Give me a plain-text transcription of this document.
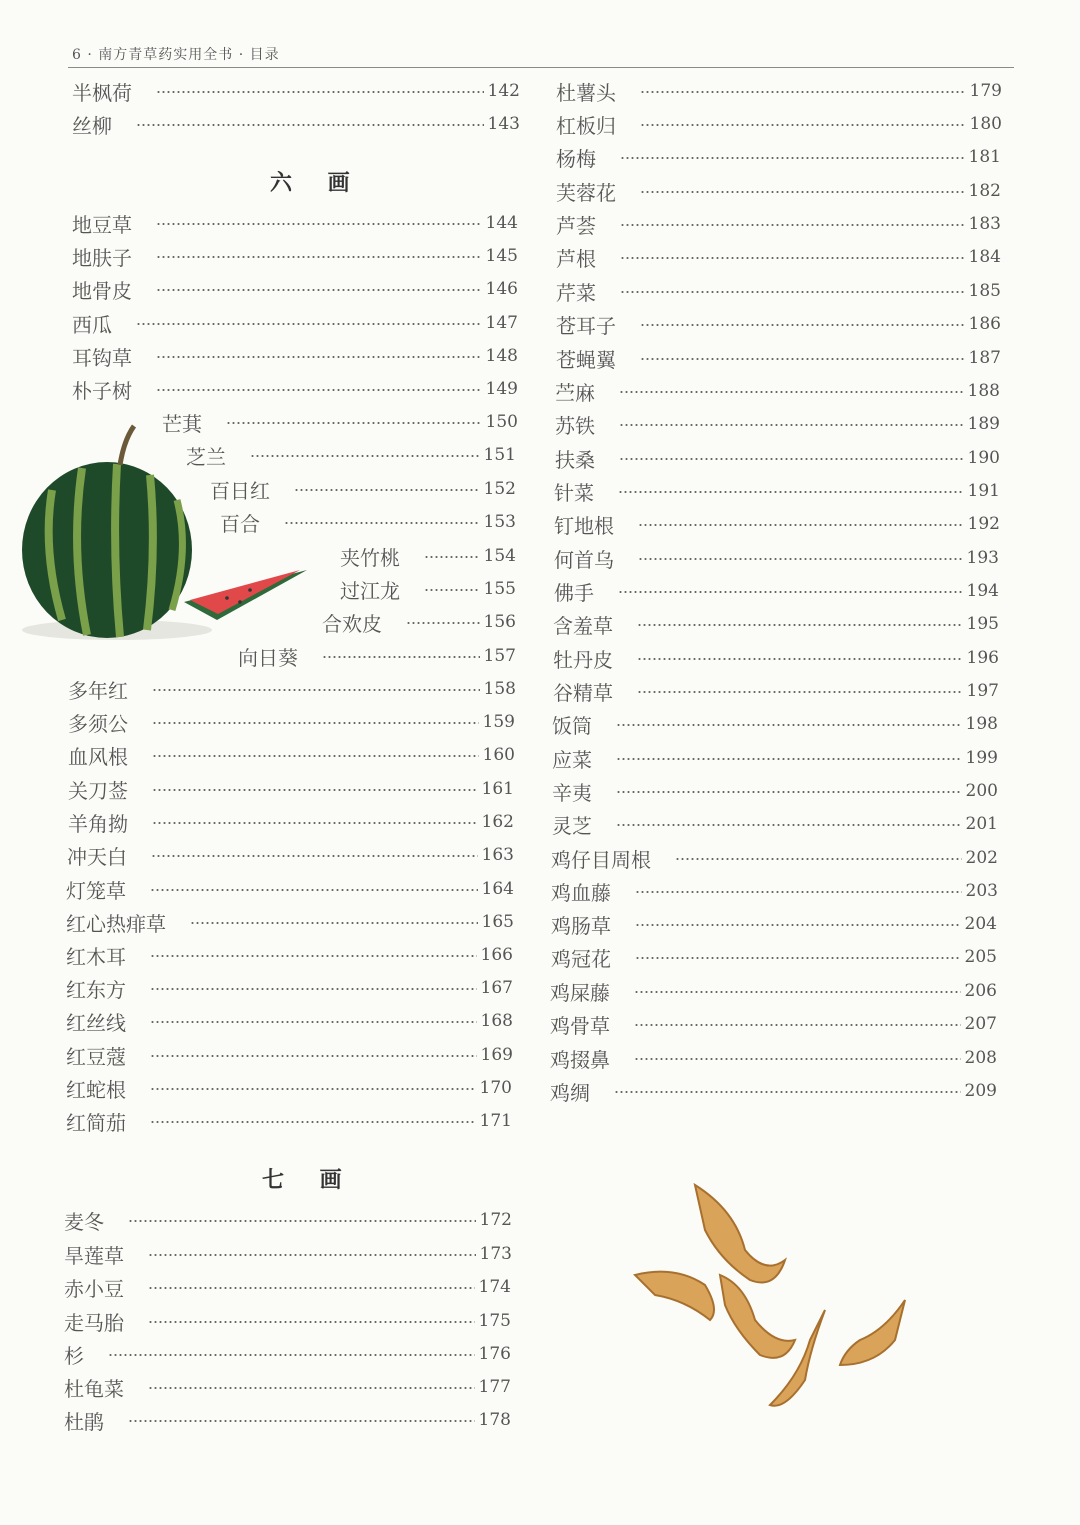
6 · 南方青草药实用全书 · 目录
六 画
七 画
半枫荷	142
丝柳	143
地豆草	144
地肤子	145
地骨皮	146
西瓜	147
耳钩草	148
朴子树	149
芒萁	150
芝兰	151
百日红	152
百合	153
夹竹桃	154
过江龙	155
合欢皮	156
向日葵	157
多年红	158
多须公	159
血风根	160
关刀莶	161
羊角拗	162
冲天白	163
灯笼草	164
红心热痱草	165
红木耳	166
红东方	167
红丝线	168
红豆蔻	169
红蛇根	170
红简茄	171
麦冬	172
旱莲草	173
赤小豆	174
走马胎	175
杉	176
杜龟菜	177
杜鹃	178
杜薯头	179
杠板归	180
杨梅	181
芙蓉花	182
芦荟	183
芦根	184
芹菜	185
苍耳子	186
苍蝇翼	187
苎麻	188
苏铁	189
扶桑	190
针菜	191
钉地根	192
何首乌	193
佛手	194
含羞草	195
牡丹皮	196
谷精草	197
饭筒	198
应菜	199
辛夷	200
灵芝	201
鸡仔目周根	202
鸡血藤	203
鸡肠草	204
鸡冠花	205
鸡屎藤	206
鸡骨草	207
鸡掇鼻	208
鸡绸	209
